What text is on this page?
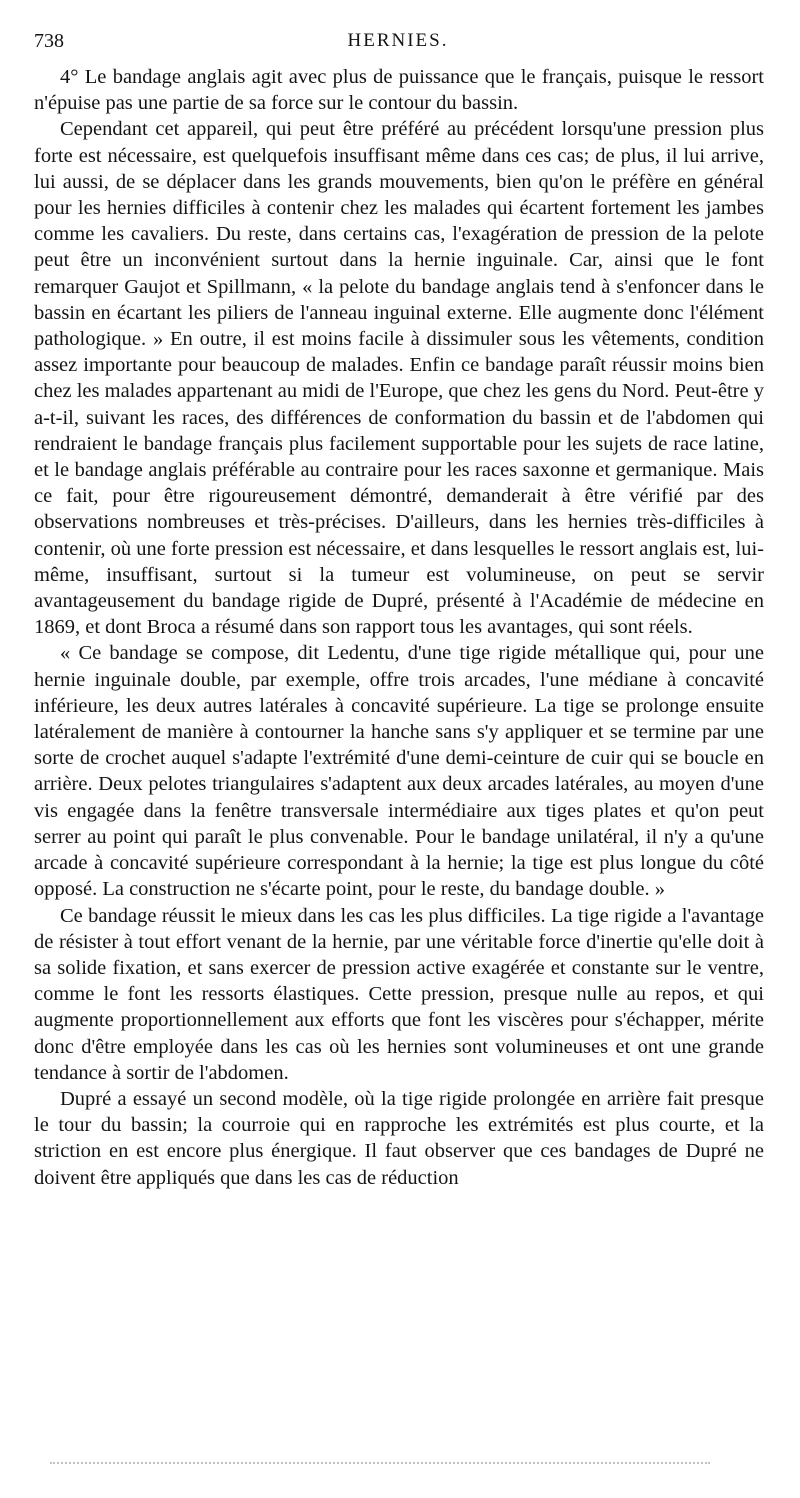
738	HERNIES.

4° Le bandage anglais agit avec plus de puissance que le français, puisque le ressort n'épuise pas une partie de sa force sur le contour du bassin.

Cependant cet appareil, qui peut être préféré au précédent lorsqu'une pression plus forte est nécessaire, est quelquefois insuffisant même dans ces cas; de plus, il lui arrive, lui aussi, de se déplacer dans les grands mouvements, bien qu'on le préfère en général pour les hernies difficiles à contenir chez les malades qui écartent fortement les jambes comme les cavaliers. Du reste, dans certains cas, l'exagération de pression de la pelote peut être un inconvénient surtout dans la hernie inguinale. Car, ainsi que le font remarquer Gaujot et Spillmann, « la pelote du bandage anglais tend à s'enfoncer dans le bassin en écartant les piliers de l'anneau inguinal externe. Elle augmente donc l'élément pathologique. » En outre, il est moins facile à dissimuler sous les vêtements, condition assez importante pour beaucoup de malades. Enfin ce bandage paraît réussir moins bien chez les malades appartenant au midi de l'Europe, que chez les gens du Nord. Peut-être y a-t-il, suivant les races, des différences de conformation du bassin et de l'abdomen qui rendraient le bandage français plus facilement supportable pour les sujets de race latine, et le bandage anglais préférable au contraire pour les races saxonne et germanique. Mais ce fait, pour être rigoureusement démontré, demanderait à être vérifié par des observations nombreuses et très-précises. D'ailleurs, dans les hernies très-difficiles à contenir, où une forte pression est nécessaire, et dans lesquelles le ressort anglais est, lui-même, insuffisant, surtout si la tumeur est volumineuse, on peut se servir avantageusement du bandage rigide de Dupré, présenté à l'Académie de médecine en 1869, et dont Broca a résumé dans son rapport tous les avantages, qui sont réels.

« Ce bandage se compose, dit Ledentu, d'une tige rigide métallique qui, pour une hernie inguinale double, par exemple, offre trois arcades, l'une médiane à concavité inférieure, les deux autres latérales à concavité supérieure. La tige se prolonge ensuite latéralement de manière à contourner la hanche sans s'y appliquer et se termine par une sorte de crochet auquel s'adapte l'extrémité d'une demi-ceinture de cuir qui se boucle en arrière. Deux pelotes triangulaires s'adaptent aux deux arcades latérales, au moyen d'une vis engagée dans la fenêtre transversale intermédiaire aux tiges plates et qu'on peut serrer au point qui paraît le plus convenable. Pour le bandage unilatéral, il n'y a qu'une arcade à concavité supérieure correspondant à la hernie; la tige est plus longue du côté opposé. La construction ne s'écarte point, pour le reste, du bandage double. »

Ce bandage réussit le mieux dans les cas les plus difficiles. La tige rigide a l'avantage de résister à tout effort venant de la hernie, par une véritable force d'inertie qu'elle doit à sa solide fixation, et sans exercer de pression active exagérée et constante sur le ventre, comme le font les ressorts élastiques. Cette pression, presque nulle au repos, et qui augmente proportionnellement aux efforts que font les viscères pour s'échapper, mérite donc d'être employée dans les cas où les hernies sont volumineuses et ont une grande tendance à sortir de l'abdomen.

Dupré a essayé un second modèle, où la tige rigide prolongée en arrière fait presque le tour du bassin; la courroie qui en rapproche les extrémités est plus courte, et la striction en est encore plus énergique. Il faut observer que ces bandages de Dupré ne doivent être appliqués que dans les cas de réduction
